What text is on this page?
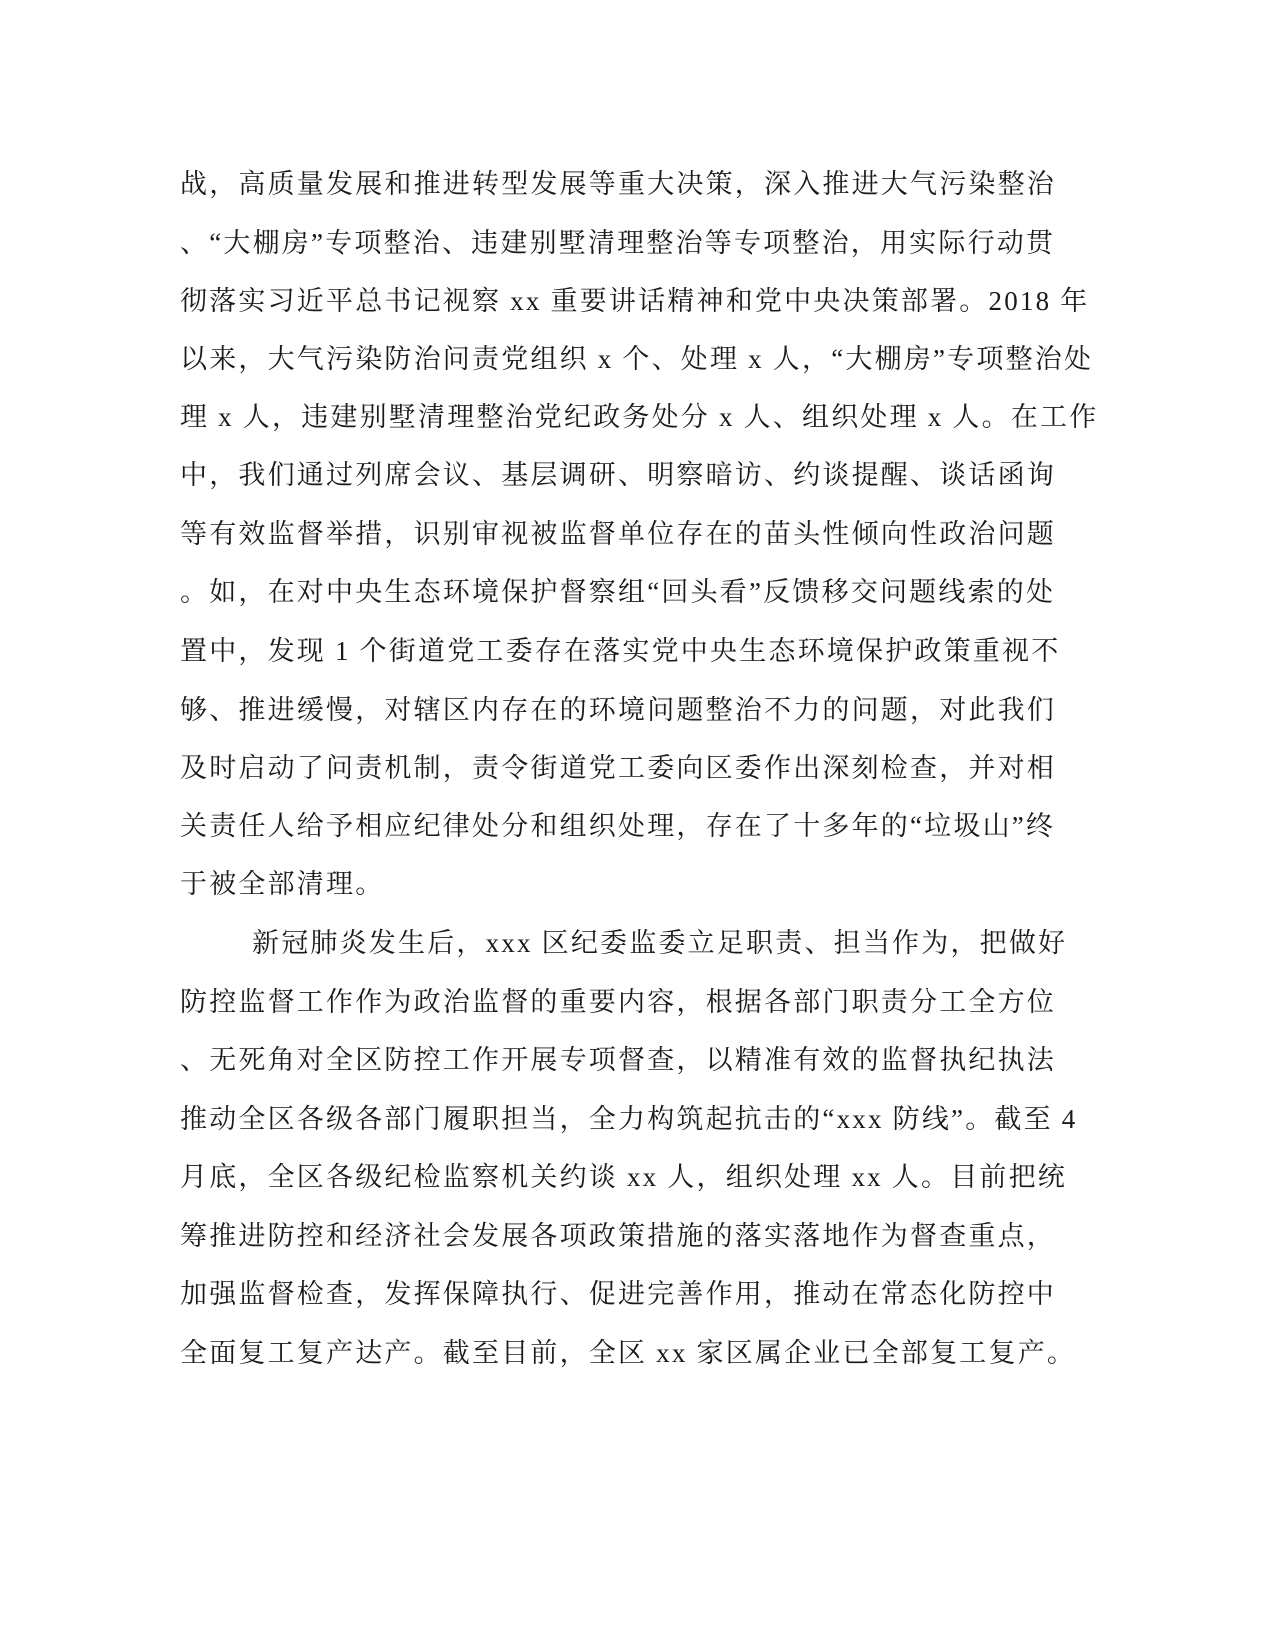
战，高质量发展和推进转型发展等重大决策，深入推进大气污染整治
、“大棚房”专项整治、违建别墅清理整治等专项整治，用实际行动贯
彻落实习近平总书记视察 xx 重要讲话精神和党中央决策部署。2018 年
以来，大气污染防治问责党组织 x 个、处理 x 人，“大棚房”专项整治处
理 x 人，违建别墅清理整治党纪政务处分 x 人、组织处理 x 人。在工作
中，我们通过列席会议、基层调研、明察暗访、约谈提醒、谈话函询
等有效监督举措，识别审视被监督单位存在的苗头性倾向性政治问题
。如，在对中央生态环境保护督察组“回头看”反馈移交问题线索的处
置中，发现 1 个街道党工委存在落实党中央生态环境保护政策重视不
够、推进缓慢，对辖区内存在的环境问题整治不力的问题，对此我们
及时启动了问责机制，责令街道党工委向区委作出深刻检查，并对相
关责任人给予相应纪律处分和组织处理，存在了十多年的“垃圾山”终
于被全部清理。
新冠肺炎发生后，xxx 区纪委监委立足职责、担当作为，把做好
防控监督工作作为政治监督的重要内容，根据各部门职责分工全方位
、无死角对全区防控工作开展专项督查，以精准有效的监督执纪执法
推动全区各级各部门履职担当，全力构筑起抗击的“xxx 防线”。截至 4
月底，全区各级纪检监察机关约谈 xx 人，组织处理 xx 人。目前把统
筹推进防控和经济社会发展各项政策措施的落实落地作为督查重点，
加强监督检查，发挥保障执行、促进完善作用，推动在常态化防控中
全面复工复产达产。截至目前，全区 xx 家区属企业已全部复工复产。
